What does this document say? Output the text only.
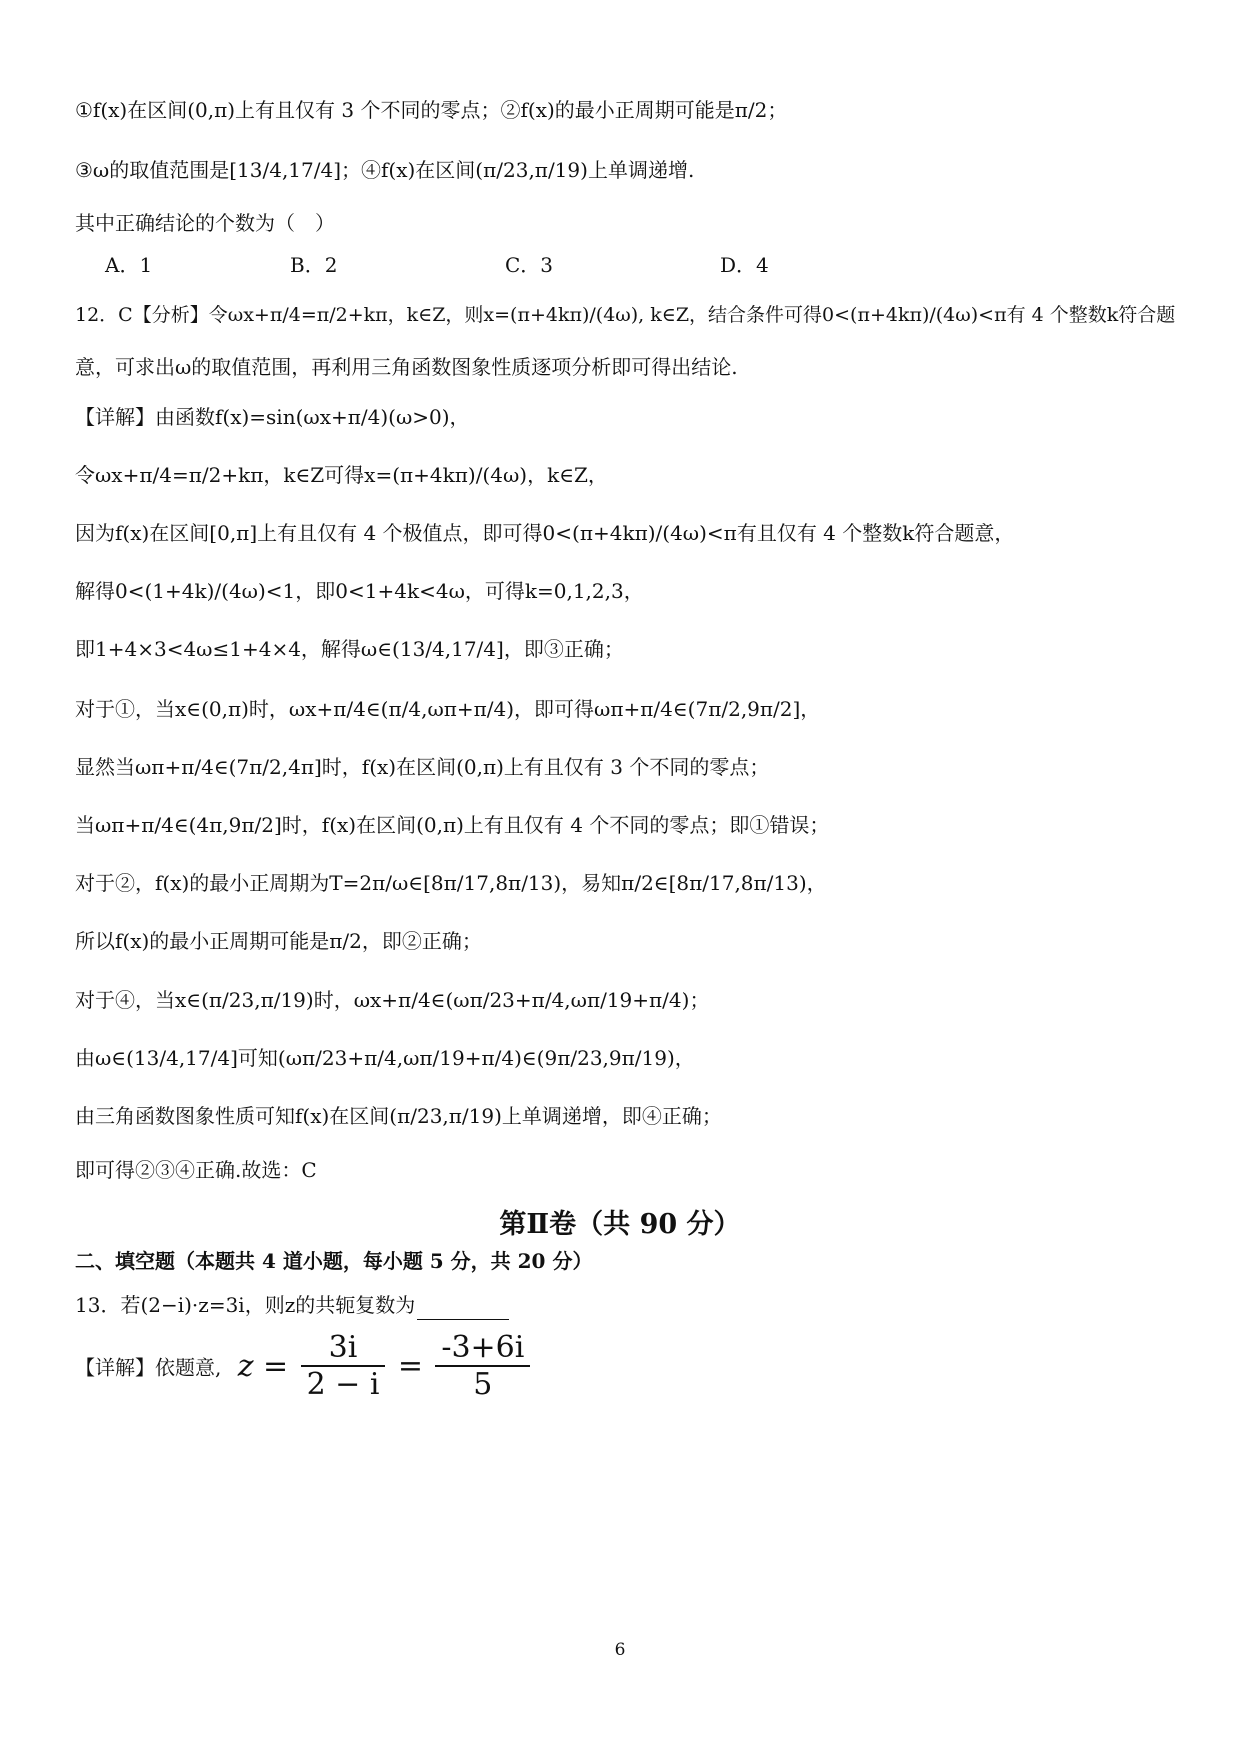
①f(x)在区间(0,π)上有且仅有 3 个不同的零点；②f(x)的最小正周期可能是π/2；
③ω的取值范围是[13/4,17/4]；④f(x)在区间(π/23,π/19)上单调递增.
其中正确结论的个数为（　）
A．1	B．2	C．3	D．4
12．C【分析】令ωx+π/4=π/2+kπ，k∈Z，则x=(π+4kπ)/(4ω), k∈Z，结合条件可得0<(π+4kπ)/(4ω)<π有 4 个整数k符合题
意，可求出ω的取值范围，再利用三角函数图象性质逐项分析即可得出结论.
【详解】由函数f(x)=sin(ωx+π/4)(ω>0)，
令ωx+π/4=π/2+kπ，k∈Z可得x=(π+4kπ)/(4ω)，k∈Z，
因为f(x)在区间[0,π]上有且仅有 4 个极值点，即可得0<(π+4kπ)/(4ω)<π有且仅有 4 个整数k符合题意，
解得0<(1+4k)/(4ω)<1，即0<1+4k<4ω，可得k=0,1,2,3，
即1+4×3<4ω≤1+4×4，解得ω∈(13/4,17/4]，即③正确；
对于①，当x∈(0,π)时，ωx+π/4∈(π/4,ωπ+π/4)，即可得ωπ+π/4∈(7π/2,9π/2]，
显然当ωπ+π/4∈(7π/2,4π]时，f(x)在区间(0,π)上有且仅有 3 个不同的零点；
当ωπ+π/4∈(4π,9π/2]时，f(x)在区间(0,π)上有且仅有 4 个不同的零点；即①错误；
对于②，f(x)的最小正周期为T=2π/ω∈[8π/17,8π/13)，易知π/2∈[8π/17,8π/13)，
所以f(x)的最小正周期可能是π/2，即②正确；
对于④，当x∈(π/23,π/19)时，ωx+π/4∈(ωπ/23+π/4,ωπ/19+π/4)；
由ω∈(13/4,17/4]可知(ωπ/23+π/4,ωπ/19+π/4)∈(9π/23,9π/19)，
由三角函数图象性质可知f(x)在区间(π/23,π/19)上单调递增，即④正确；
即可得②③④正确.故选：C
第Ⅱ卷（共 90 分）
二、填空题（本题共 4 道小题，每小题 5 分，共 20 分）
13．若(2−i)·z=3i，则z的共轭复数为
【详解】依题意, $z = \frac{3i}{2 - i} = \frac{-3+6i}{5}$
6
